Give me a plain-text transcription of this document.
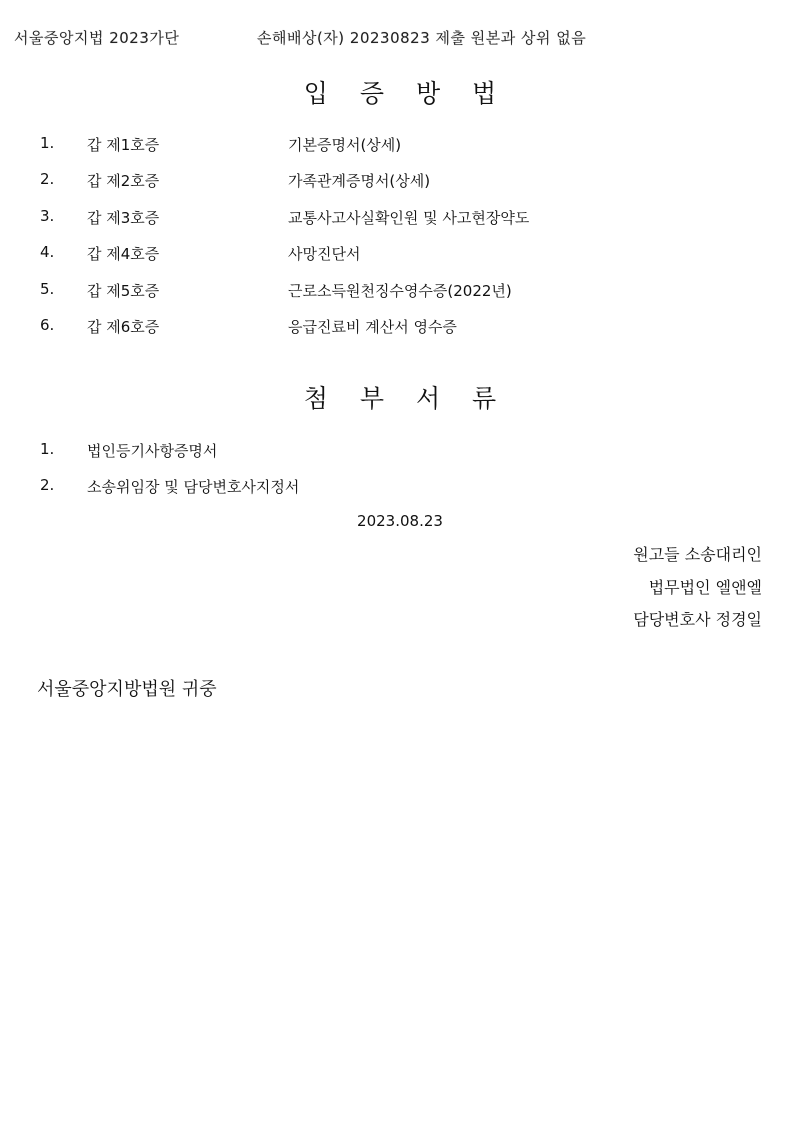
서울중앙지법 2023가단	손해배상(자) 20230823 제출 원본과 상위 없음
입 증 방 법
1. 갑 제1호증	기본증명서(상세)
2. 갑 제2호증	가족관계증명서(상세)
3. 갑 제3호증	교통사고사실확인원 및 사고현장약도
4. 갑 제4호증	사망진단서
5. 갑 제5호증	근로소득원천징수영수증(2022년)
6. 갑 제6호증	응급진료비 계산서 영수증
첨 부 서 류
1. 법인등기사항증명서
2. 소송위임장 및 담당변호사지정서
2023.08.23
원고들 소송대리인
법무법인 엘앤엘
담당변호사 정경일
서울중앙지방법원 귀중
